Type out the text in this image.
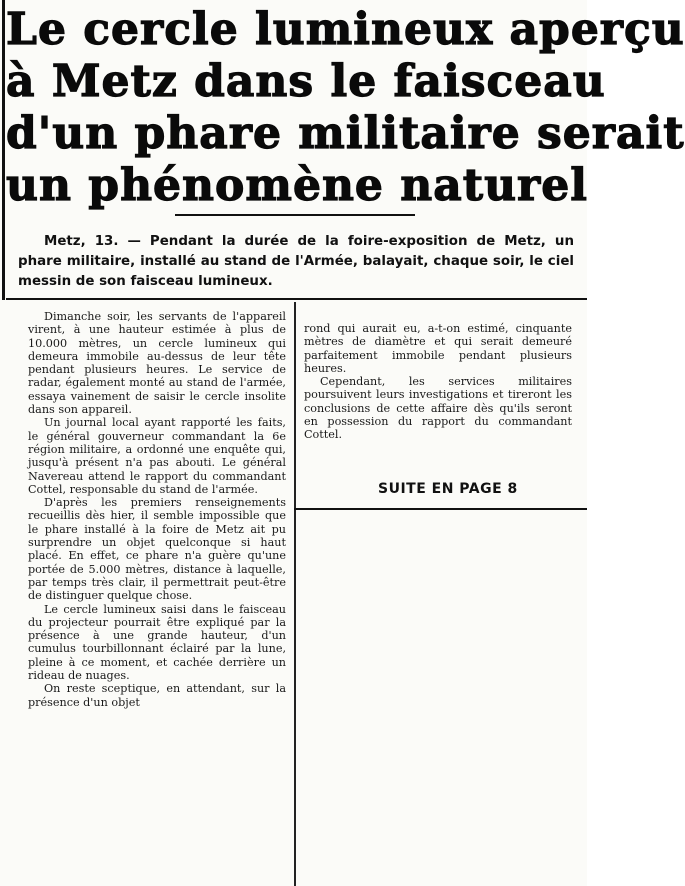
Le cercle lumineux aperçu
à Metz dans le faisceau
d'un phare militaire serait
un phénomène naturel

Metz, 13. — Pendant la durée de la foire-exposition de Metz, un phare militaire, installé au stand de l'Armée, balayait, chaque soir, le ciel messin de son faisceau lumineux.

Dimanche soir, les servants de l'appareil virent, à une hauteur estimée à plus de 10.000 mètres, un cercle lumineux qui demeura immobile au-dessus de leur tête pendant plusieurs heures. Le service de radar, également monté au stand de l'armée, essaya vainement de saisir le cercle insolite dans son appareil.

Un journal local ayant rapporté les faits, le général gouverneur commandant la 6e région militaire, a ordonné une enquête qui, jusqu'à présent n'a pas abouti. Le général Navereau attend le rapport du commandant Cottel, responsable du stand de l'armée.

D'après les premiers renseignements recueillis dès hier, il semble impossible que le phare installé à la foire de Metz ait pu surprendre un objet quelconque si haut placé. En effet, ce phare n'a guère qu'une portée de 5.000 mètres, distance à laquelle, par temps très clair, il permettrait peut-être de distinguer quelque chose.

Le cercle lumineux saisi dans le faisceau du projecteur pourrait être expliqué par la présence à une grande hauteur, d'un cumulus tourbillonnant éclairé par la lune, pleine à ce moment, et cachée derrière un rideau de nuages.

On reste sceptique, en attendant, sur la présence d'un objet

rond qui aurait eu, a-t-on estimé, cinquante mètres de diamètre et qui serait demeuré parfaitement immobile pendant plusieurs heures.

Cependant, les services militaires poursuivent leurs investigations et tireront les conclusions de cette affaire dès qu'ils seront en possession du rapport du commandant Cottel.

SUITE EN PAGE 8
